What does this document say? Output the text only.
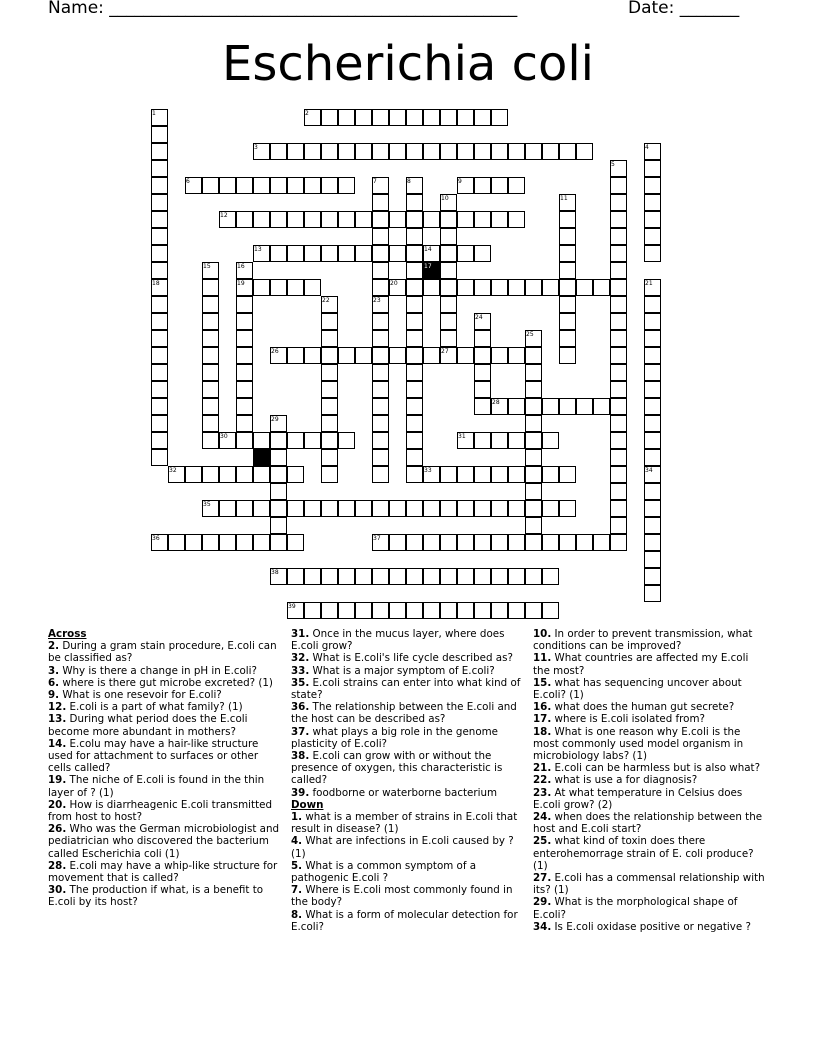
Name: ________________________________________________	Date: _______
Escherichia coli
1	2
3	4
5
6	7	8	9
10	11
12
13	14
15	16
18	19	20	21
22	23
24
25
26	27
28
29
30	31
32	33	34
35
36	37
38
39
17

Across

2. During a gram stain procedure, E.coli can be classified as?

3. Why is there a change in pH in E.coli?

6. where is there gut microbe excreted? (1)

9. What is one resevoir for E.coli?

12. E.coli is a part of what family? (1)

13. During what period does the E.coli become more abundant in mothers?

14. E.colu may have a hair-like structure used for attachment to surfaces or other cells called?

19. The niche of E.coli is found in the thin layer of ? (1)

20. How is diarrheagenic E.coli transmitted from host to host?

26. Who was the German microbiologist and pediatrician who discovered the bacterium called Escherichia coli (1)

28. E.coli may have a whip-like structure for movement that is called?

30. The production if what, is a benefit to E.coli by its host?

31. Once in the mucus layer, where does E.coli grow?

32. What is E.coli's life cycle described as?

33. What is a major symptom of E.coli?

35. E.coli strains can enter into what kind of state?

36. The relationship between the E.coli and the host can be described as?

37. what plays a big role in the genome plasticity of E.coli?

38. E.coli can grow with or without the presence of oxygen, this characteristic is called?

39. foodborne or waterborne bacterium

Down

1. what is a member of strains in E.coli that result in disease? (1)

4. What are infections in E.coli caused by ? (1)

5. What is a common symptom of a pathogenic E.coli ?

7. Where is E.coli most commonly found in the body?

8. What is a form of molecular detection for E.coli?

10. In order to prevent transmission, what conditions can be improved?

11. What countries are affected my E.coli the most?

15. what has sequencing uncover about E.coli? (1)

16. what does the human gut secrete?

17. where is E.coli isolated from?

18. What is one reason why E.coli is the most commonly used model organism in microbiology labs? (1)

21. E.coli can be harmless but is also what?

22. what is use a for diagnosis?

23. At what temperature in Celsius does E.coli grow? (2)

24. when does the relationship between the host and E.coli start?

25. what kind of toxin does there enterohemorrage strain of E. coli produce? (1)

27. E.coli has a commensal relationship with its? (1)

29. What is the morphological shape of E.coli?

34. Is E.coli oxidase positive or negative ?
